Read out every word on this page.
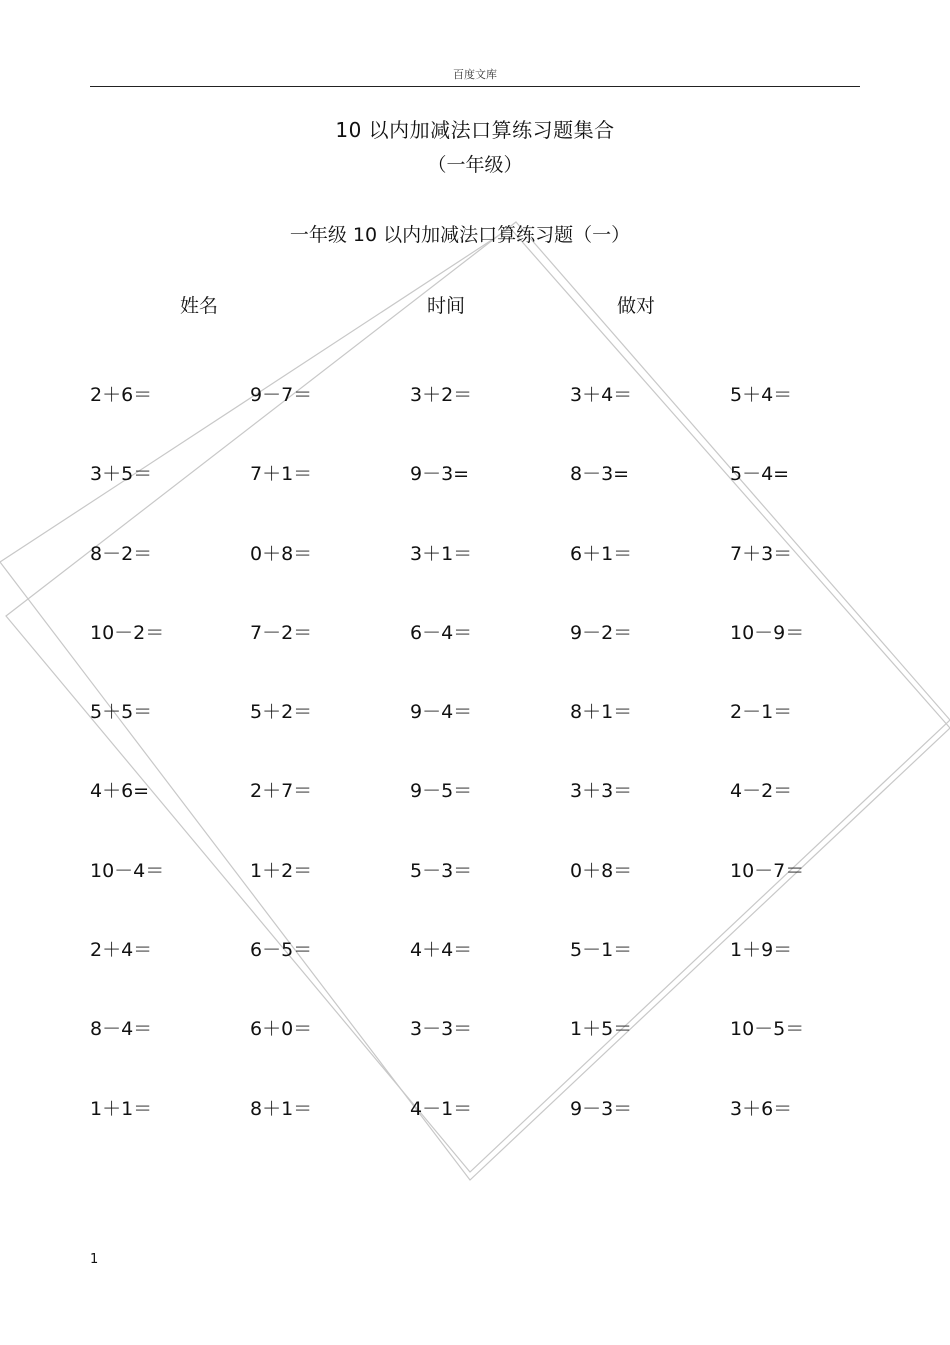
百度文库
10 以内加减法口算练习题集合
（一年级）
一年级 10 以内加减法口算练习题（一）
姓名	时间	做对
2＋6＝	9－7＝	3＋2＝	3＋4＝	5＋4＝
3＋5＝	7＋1＝	9－3=	8－3=	5－4=
8－2＝	0＋8＝	3＋1＝	6＋1＝	7＋3＝
10－2＝	7－2＝	6－4＝	9－2＝	10－9＝
5＋5＝	5＋2＝	9－4＝	8＋1＝	2－1＝
4＋6=	2＋7＝	9－5＝	3＋3＝	4－2＝
10－4＝	1＋2＝	5－3＝	0＋8＝	10－7＝
2＋4＝	6－5＝	4＋4＝	5－1＝	1＋9＝
8－4＝	6＋0＝	3－3＝	1＋5＝	10－5＝
1＋1＝	8＋1＝	4－1＝	9－3＝	3＋6＝
1
